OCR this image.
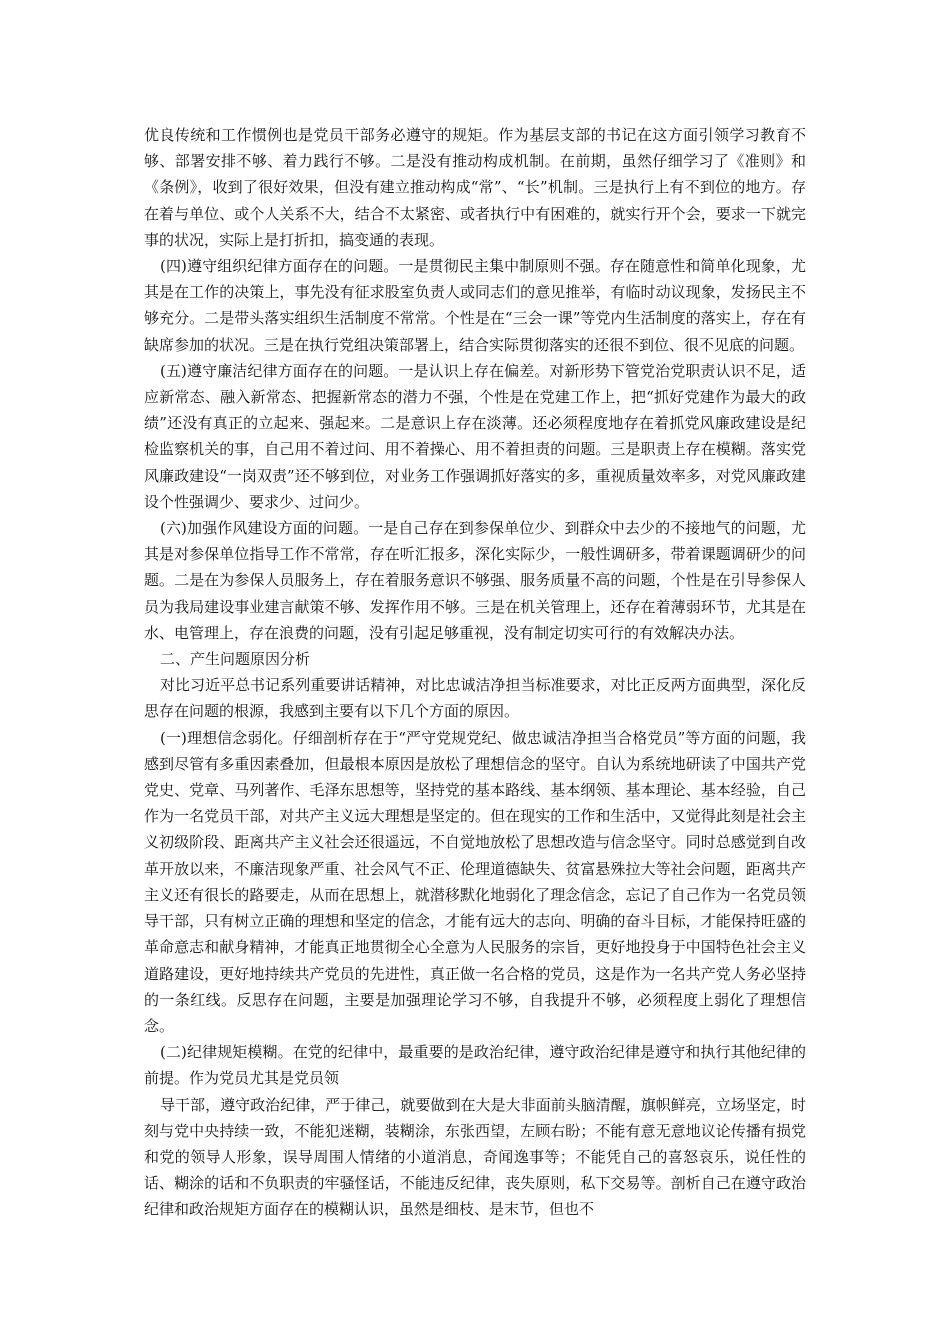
优良传统和工作惯例也是党员干部务必遵守的规矩。作为基层支部的书记在这方面引领学习教育不够、部署安排不够、着力践行不够。二是没有推动构成机制。在前期，虽然仔细学习了《准则》和《条例》，收到了很好效果，但没有建立推动构成“常”、“长”机制。三是执行上有不到位的地方。存在着与单位、或个人关系不大，结合不太紧密、或者执行中有困难的，就实行开个会，要求一下就完事的状况，实际上是打折扣，搞变通的表现。

(四)遵守组织纪律方面存在的问题。一是贯彻民主集中制原则不强。存在随意性和简单化现象，尤其是在工作的决策上，事先没有征求股室负责人或同志们的意见推举，有临时动议现象，发扬民主不够充分。二是带头落实组织生活制度不常常。个性是在“三会一课”等党内生活制度的落实上，存在有缺席参加的状况。三是在执行党组决策部署上，结合实际贯彻落实的还很不到位、很不见底的问题。

(五)遵守廉洁纪律方面存在的问题。一是认识上存在偏差。对新形势下管党治党职责认识不足，适应新常态、融入新常态、把握新常态的潜力不强，个性是在党建工作上，把“抓好党建作为最大的政绩”还没有真正的立起来、强起来。二是意识上存在淡薄。还必须程度地存在着抓党风廉政建设是纪检监察机关的事，自己用不着过问、用不着操心、用不着担责的问题。三是职责上存在模糊。落实党风廉政建设“一岗双责”还不够到位，对业务工作强调抓好落实的多，重视质量效率多，对党风廉政建设个性强调少、要求少、过问少。

(六)加强作风建设方面的问题。一是自己存在到参保单位少、到群众中去少的不接地气的问题，尤其是对参保单位指导工作不常常，存在听汇报多，深化实际少，一般性调研多，带着课题调研少的问题。二是在为参保人员服务上，存在着服务意识不够强、服务质量不高的问题，个性是在引导参保人员为我局建设事业建言献策不够、发挥作用不够。三是在机关管理上，还存在着薄弱环节，尤其是在水、电管理上，存在浪费的问题，没有引起足够重视，没有制定切实可行的有效解决办法。

二、产生问题原因分析

对比习近平总书记系列重要讲话精神，对比忠诚洁净担当标准要求，对比正反两方面典型，深化反思存在问题的根源，我感到主要有以下几个方面的原因。

(一)理想信念弱化。仔细剖析存在于“严守党规党纪、做忠诚洁净担当合格党员”等方面的问题，我感到尽管有多重因素叠加，但最根本原因是放松了理想信念的坚守。自认为系统地研读了中国共产党党史、党章、马列著作、毛泽东思想等，坚持党的基本路线、基本纲领、基本理论、基本经验，自己作为一名党员干部，对共产主义远大理想是坚定的。但在现实的工作和生活中，又觉得此刻是社会主义初级阶段、距离共产主义社会还很遥远，不自觉地放松了思想改造与信念坚守。同时总感觉到自改革开放以来，不廉洁现象严重、社会风气不正、伦理道德缺失、贫富悬殊拉大等社会问题，距离共产主义还有很长的路要走，从而在思想上，就潜移默化地弱化了理念信念，忘记了自己作为一名党员领导干部，只有树立正确的理想和坚定的信念，才能有远大的志向、明确的奋斗目标，才能保持旺盛的革命意志和献身精神，才能真正地贯彻全心全意为人民服务的宗旨，更好地投身于中国特色社会主义道路建设，更好地持续共产党员的先进性，真正做一名合格的党员，这是作为一名共产党人务必坚持的一条红线。反思存在问题，主要是加强理论学习不够，自我提升不够，必须程度上弱化了理想信念。

(二)纪律规矩模糊。在党的纪律中，最重要的是政治纪律，遵守政治纪律是遵守和执行其他纪律的前提。作为党员尤其是党员领

导干部，遵守政治纪律，严于律己，就要做到在大是大非面前头脑清醒，旗帜鲜亮，立场坚定，时刻与党中央持续一致，不能犯迷糊，装糊涂，东张西望，左顾右盼；不能有意无意地议论传播有损党和党的领导人形象，误导周围人情绪的小道消息，奇闻逸事等；不能凭自己的喜怒哀乐，说任性的话、糊涂的话和不负职责的牢骚怪话，不能违反纪律，丧失原则，私下交易等。剖析自己在遵守政治纪律和政治规矩方面存在的模糊认识，虽然是细枝、是末节，但也不
